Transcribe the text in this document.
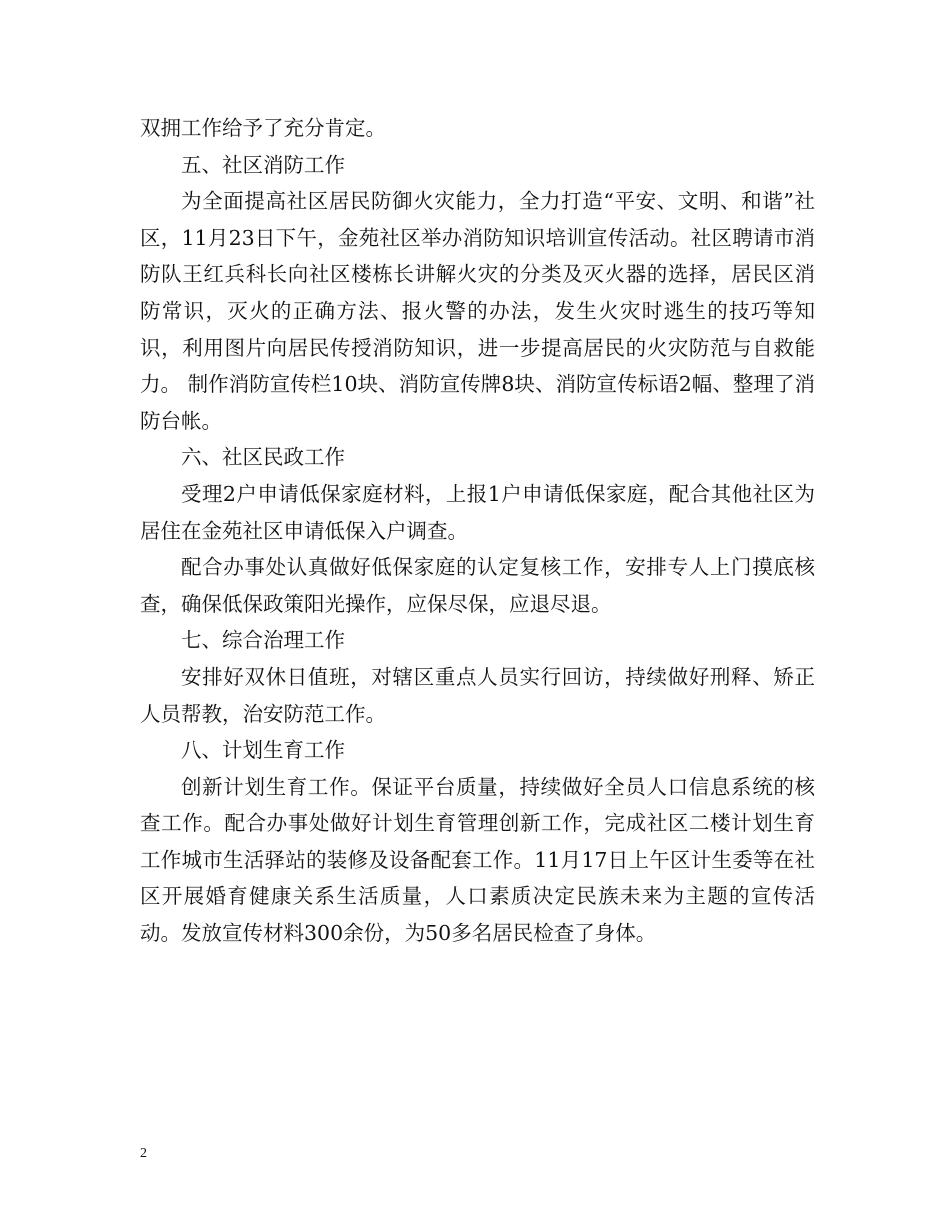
双拥工作给予了充分肯定。

五、社区消防工作

为全面提高社区居民防御火灾能力，全力打造“平安、文明、和谐”社区，11月23日下午，金苑社区举办消防知识培训宣传活动。社区聘请市消防队王红兵科长向社区楼栋长讲解火灾的分类及灭火器的选择，居民区消防常识，灭火的正确方法、报火警的办法，发生火灾时逃生的技巧等知识，利用图片向居民传授消防知识，进一步提高居民的火灾防范与自救能力。 制作消防宣传栏10块、消防宣传牌8块、消防宣传标语2幅、整理了消防台帐。

六、社区民政工作

受理2户申请低保家庭材料，上报1户申请低保家庭，配合其他社区为居住在金苑社区申请低保入户调查。

配合办事处认真做好低保家庭的认定复核工作，安排专人上门摸底核查，确保低保政策阳光操作，应保尽保，应退尽退。

七、综合治理工作

安排好双休日值班，对辖区重点人员实行回访，持续做好刑释、矫正人员帮教，治安防范工作。

八、计划生育工作

创新计划生育工作。保证平台质量，持续做好全员人口信息系统的核查工作。配合办事处做好计划生育管理创新工作，完成社区二楼计划生育工作城市生活驿站的装修及设备配套工作。11月17日上午区计生委等在社区开展婚育健康关系生活质量，人口素质决定民族未来为主题的宣传活动。发放宣传材料300余份，为50多名居民检查了身体。

2
